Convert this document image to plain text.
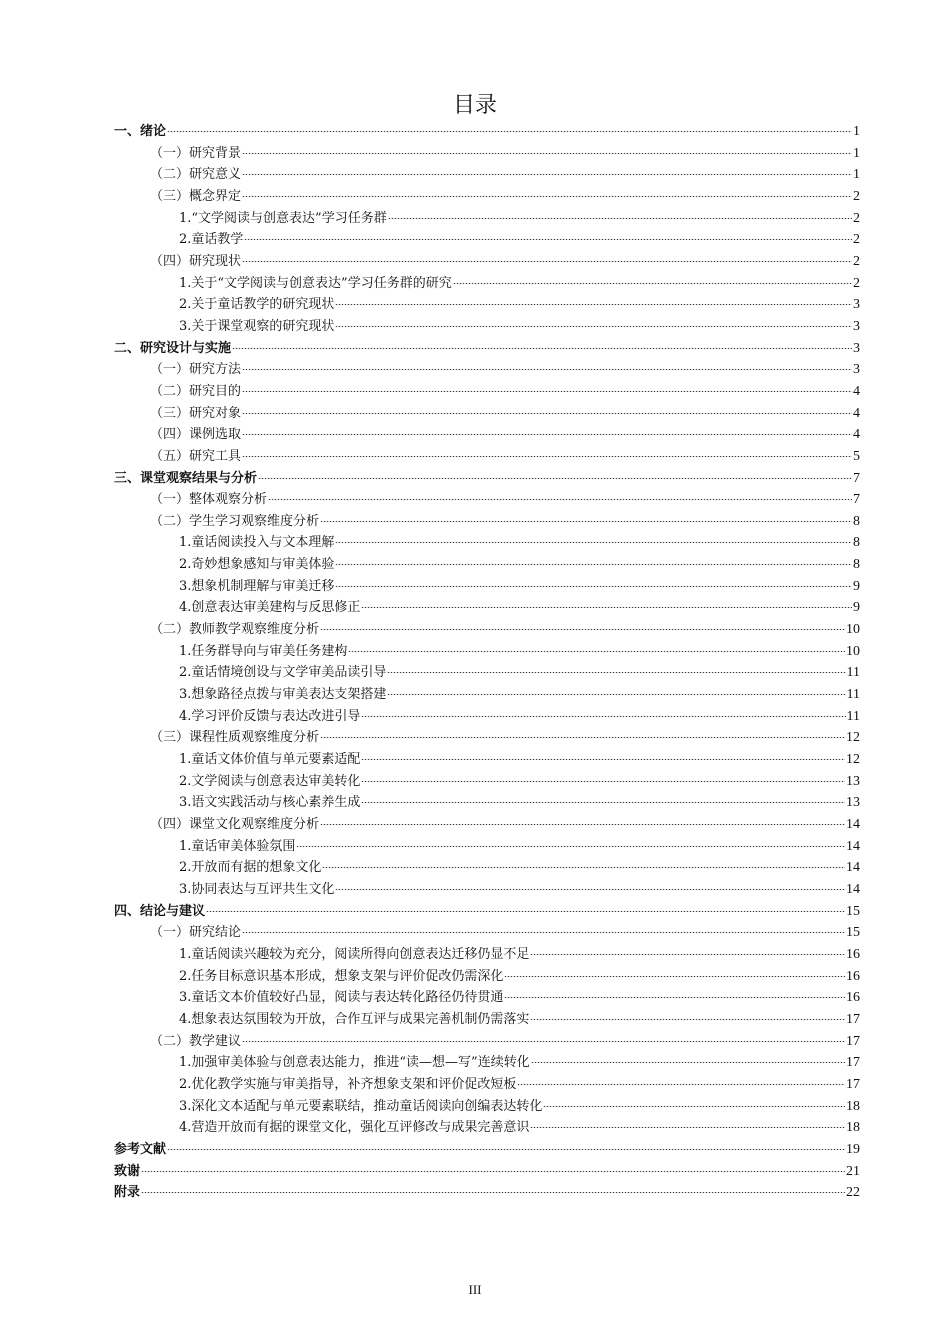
目录
一、绪论	1
（一）研究背景	1
（二）研究意义	1
（三）概念界定	2
1.“文学阅读与创意表达”学习任务群	2
2.童话教学	2
（四）研究现状	2
1.关于“文学阅读与创意表达”学习任务群的研究	2
2.关于童话教学的研究现状	3
3.关于课堂观察的研究现状	3
二、研究设计与实施	3
（一）研究方法	3
（二）研究目的	4
（三）研究对象	4
（四）课例选取	4
（五）研究工具	5
三、课堂观察结果与分析	7
（一）整体观察分析	7
（二）学生学习观察维度分析	8
1.童话阅读投入与文本理解	8
2.奇妙想象感知与审美体验	8
3.想象机制理解与审美迁移	9
4.创意表达审美建构与反思修正	9
（二）教师教学观察维度分析	10
1.任务群导向与审美任务建构	10
2.童话情境创设与文学审美品读引导	11
3.想象路径点拨与审美表达支架搭建	11
4.学习评价反馈与表达改进引导	11
（三）课程性质观察维度分析	12
1.童话文体价值与单元要素适配	12
2.文学阅读与创意表达审美转化	13
3.语文实践活动与核心素养生成	13
（四）课堂文化观察维度分析	14
1.童话审美体验氛围	14
2.开放而有据的想象文化	14
3.协同表达与互评共生文化	14
四、结论与建议	15
（一）研究结论	15
1.童话阅读兴趣较为充分，阅读所得向创意表达迁移仍显不足	16
2.任务目标意识基本形成，想象支架与评价促改仍需深化	16
3.童话文本价值较好凸显，阅读与表达转化路径仍待贯通	16
4.想象表达氛围较为开放，合作互评与成果完善机制仍需落实	17
（二）教学建议	17
1.加强审美体验与创意表达能力，推进“读—想—写”连续转化	17
2.优化教学实施与审美指导，补齐想象支架和评价促改短板	17
3.深化文本适配与单元要素联结，推动童话阅读向创编表达转化	18
4.营造开放而有据的课堂文化，强化互评修改与成果完善意识	18
参考文献	19
致谢	21
附录	22
III
